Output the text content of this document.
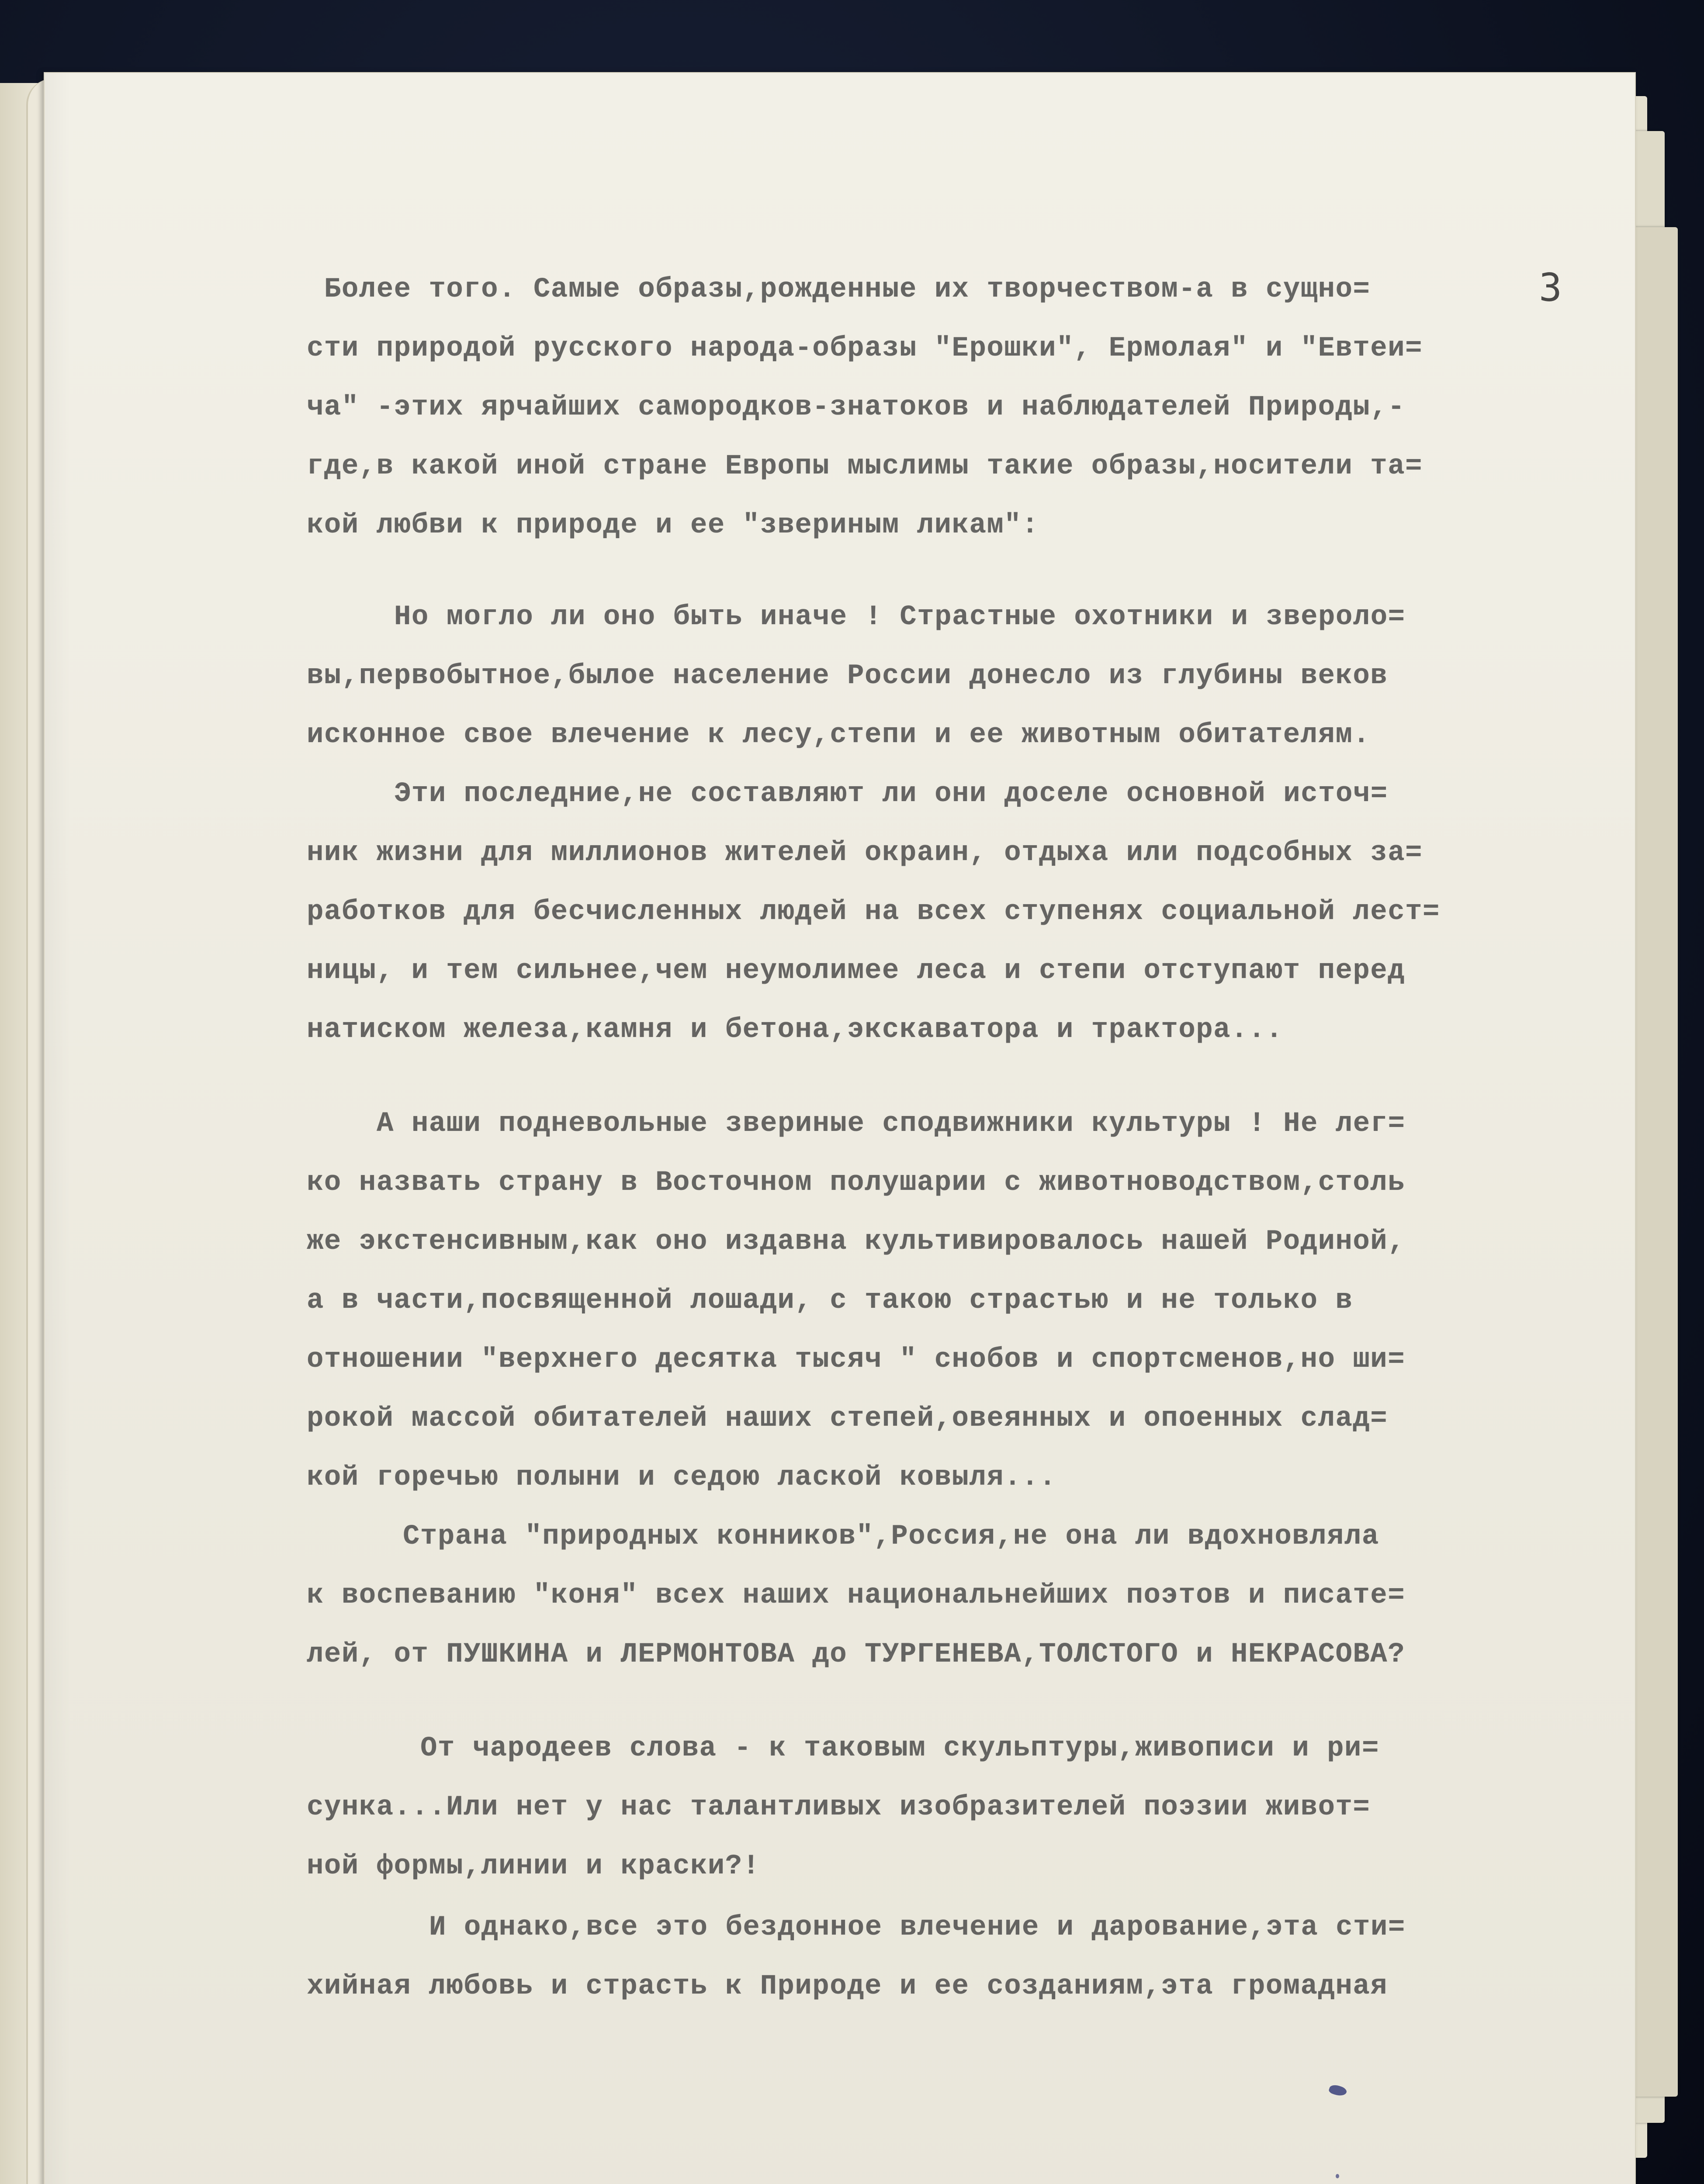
3
Более того. Самые образы,рожденные их творчеством-а в сущно=
сти природой русского народа-образы "Ерошки", Ермолая" и "Евтеи=
ча" -этих ярчайших самородков-знатоков и наблюдателей Природы,-
где,в какой иной стране Европы мыслимы такие образы,носители та=
кой любви к природе и ее "звериным ликам":
Но могло ли оно быть иначе ! Страстные охотники и зверолo=
вы,первобытное,былое население России донесло из глубины веков
исконное свое влечение к лесу,степи и ее животным обитателям.
Эти последние,не составляют ли они доселе основной источ=
ник жизни для миллионов жителей окраин, отдыха или подсобных за=
работков для бесчисленных людей на всех ступенях социальной лест=
ницы, и тем сильнее,чем неумолимее леса и степи отступают перед
натиском железа,камня и бетона,экскаватора и трактора...
А наши подневольные звериные сподвижники культуры ! Не лег=
ко назвать страну в Восточном полушарии с животноводством,столь
же экстенсивным,как оно издавна культивировалось нашей Родиной,
а в части,посвященной лошади, с такою страстью и не только в
отношении "верхнего десятка тысяч " снобов и спортсменов,но ши=
рокой массой обитателей наших степей,овеянных и опоенных слад=
кой горечью полыни и седою лаской ковыля...
Страна "природных конников",Россия,не она ли вдохновляла
к воспеванию "коня" всех наших национальнейших поэтов и писате=
лей, от ПУШКИНА и ЛЕРМОНТОВА до ТУРГЕНЕВА,ТОЛСТОГО и НЕКРАСОВА?
От чародеев слова - к таковым скульптуры,живописи и ри=
сунка...Или нет у нас талантливых изобразителей поэзии живот=
ной формы,линии и краски?!
И однако,все это бездонное влечение и дарование,эта сти=
хийная любовь и страсть к Природе и ее созданиям,эта громадная
